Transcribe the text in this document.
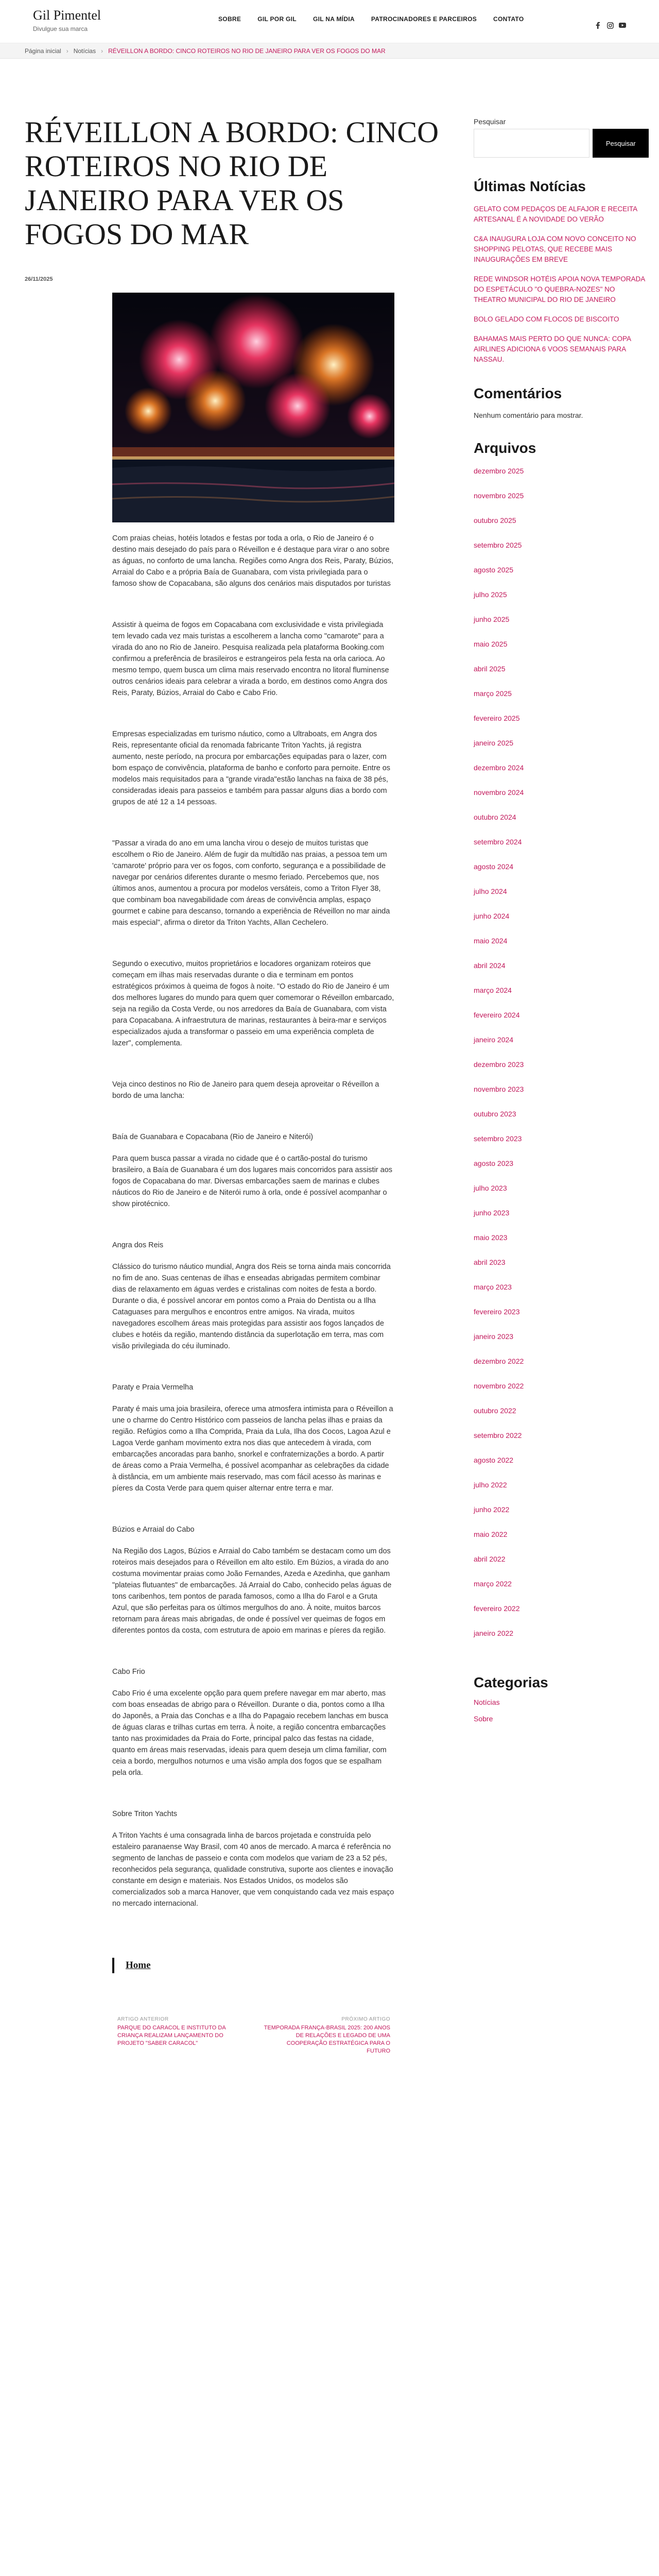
Gil Pimentel
Divulgue sua marca
SOBRE	GIL POR GIL	GIL NA MÍDIA	PATROCINADORES E PARCEIROS	CONTATO
Página inicial › Notícias › RÉVEILLON A BORDO: CINCO ROTEIROS NO RIO DE JANEIRO PARA VER OS FOGOS DO MAR
RÉVEILLON A BORDO: CINCO ROTEIROS NO RIO DE JANEIRO PARA VER OS FOGOS DO MAR
26/11/2025

Com praias cheias, hotéis lotados e festas por toda a orla, o Rio de Janeiro é o destino mais desejado do país para o Réveillon e é destaque para virar o ano sobre as águas, no conforto de uma lancha. Regiões como Angra dos Reis, Paraty, Búzios, Arraial do Cabo e a própria Baía de Guanabara, com vista privilegiada para o famoso show de Copacabana, são alguns dos cenários mais disputados por turistas

Assistir à queima de fogos em Copacabana com exclusividade e vista privilegiada tem levado cada vez mais turistas a escolherem a lancha como "camarote" para a virada do ano no Rio de Janeiro. Pesquisa realizada pela plataforma Booking.com confirmou a preferência de brasileiros e estrangeiros pela festa na orla carioca. Ao mesmo tempo, quem busca um clima mais reservado encontra no litoral fluminense outros cenários ideais para celebrar a virada a bordo, em destinos como Angra dos Reis, Paraty, Búzios, Arraial do Cabo e Cabo Frio.

Empresas especializadas em turismo náutico, como a Ultraboats, em Angra dos Reis, representante oficial da renomada fabricante Triton Yachts, já registra aumento, neste período, na procura por embarcações equipadas para o lazer, com bom espaço de convivência, plataforma de banho e conforto para pernoite. Entre os modelos mais requisitados para a "grande virada"estão lanchas na faixa de 38 pés, consideradas ideais para passeios e também para passar alguns dias a bordo com grupos de até 12 a 14 pessoas.

"Passar a virada do ano em uma lancha virou o desejo de muitos turistas que escolhem o Rio de Janeiro. Além de fugir da multidão nas praias, a pessoa tem um 'camarote' próprio para ver os fogos, com conforto, segurança e a possibilidade de navegar por cenários diferentes durante o mesmo feriado. Percebemos que, nos últimos anos, aumentou a procura por modelos versáteis, como a Triton Flyer 38, que combinam boa navegabilidade com áreas de convivência amplas, espaço gourmet e cabine para descanso, tornando a experiência de Réveillon no mar ainda mais especial", afirma o diretor da Triton Yachts, Allan Cechelero.

Segundo o executivo, muitos proprietários e locadores organizam roteiros que começam em ilhas mais reservadas durante o dia e terminam em pontos estratégicos próximos à queima de fogos à noite. "O estado do Rio de Janeiro é um dos melhores lugares do mundo para quem quer comemorar o Réveillon embarcado, seja na região da Costa Verde, ou nos arredores da Baía de Guanabara, com vista para Copacabana. A infraestrutura de marinas, restaurantes à beira-mar e serviços especializados ajuda a transformar o passeio em uma experiência completa de lazer", complementa.

Veja cinco destinos no Rio de Janeiro para quem deseja aproveitar o Réveillon a bordo de uma lancha:

Baía de Guanabara e Copacabana (Rio de Janeiro e Niterói)

Para quem busca passar a virada no cidade que é o cartão-postal do turismo brasileiro, a Baía de Guanabara é um dos lugares mais concorridos para assistir aos fogos de Copacabana do mar. Diversas embarcações saem de marinas e clubes náuticos do Rio de Janeiro e de Niterói rumo à orla, onde é possível acompanhar o show pirotécnico.

Angra dos Reis

Clássico do turismo náutico mundial, Angra dos Reis se torna ainda mais concorrida no fim de ano. Suas centenas de ilhas e enseadas abrigadas permitem combinar dias de relaxamento em águas verdes e cristalinas com noites de festa a bordo. Durante o dia, é possível ancorar em pontos como a Praia do Dentista ou a Ilha Cataguases para mergulhos e encontros entre amigos. Na virada, muitos navegadores escolhem áreas mais protegidas para assistir aos fogos lançados de clubes e hotéis da região, mantendo distância da superlotação em terra, mas com visão privilegiada do céu iluminado.

Paraty e Praia Vermelha

Paraty é mais uma joia brasileira, oferece uma atmosfera intimista para o Réveillon a une o charme do Centro Histórico com passeios de lancha pelas ilhas e praias da região. Refúgios como a Ilha Comprida, Praia da Lula, Ilha dos Cocos, Lagoa Azul e Lagoa Verde ganham movimento extra nos dias que antecedem à virada, com embarcações ancoradas para banho, snorkel e confraternizações a bordo. A partir de áreas como a Praia Vermelha, é possível acompanhar as celebrações da cidade à distância, em um ambiente mais reservado, mas com fácil acesso às marinas e píeres da Costa Verde para quem quiser alternar entre terra e mar.

Búzios e Arraial do Cabo

Na Região dos Lagos, Búzios e Arraial do Cabo também se destacam como um dos roteiros mais desejados para o Réveillon em alto estilo. Em Búzios, a virada do ano costuma movimentar praias como João Fernandes, Azeda e Azedinha, que ganham "plateias flutuantes" de embarcações. Já Arraial do Cabo, conhecido pelas águas de tons caribenhos, tem pontos de parada famosos, como a Ilha do Farol e a Gruta Azul, que são perfeitas para os últimos mergulhos do ano. À noite, muitos barcos retornam para áreas mais abrigadas, de onde é possível ver queimas de fogos em diferentes pontos da costa, com estrutura de apoio em marinas e píeres da região.

Cabo Frio

Cabo Frio é uma excelente opção para quem prefere navegar em mar aberto, mas com boas enseadas de abrigo para o Réveillon. Durante o dia, pontos como a Ilha do Japonês, a Praia das Conchas e a Ilha do Papagaio recebem lanchas em busca de águas claras e trilhas curtas em terra. À noite, a região concentra embarcações tanto nas proximidades da Praia do Forte, principal palco das festas na cidade, quanto em áreas mais reservadas, ideais para quem deseja um clima familiar, com ceia a bordo, mergulhos noturnos e uma visão ampla dos fogos que se espalham pela orla.

Sobre Triton Yachts

A Triton Yachts é uma consagrada linha de barcos projetada e construída pelo estaleiro paranaense Way Brasil, com 40 anos de mercado. A marca é referência no segmento de lanchas de passeio e conta com modelos que variam de 23 a 52 pés, reconhecidos pela segurança, qualidade construtiva, suporte aos clientes e inovação constante em design e materiais. Nos Estados Unidos, os modelos são comercializados sob a marca Hanover, que vem conquistando cada vez mais espaço no mercado internacional.

Home
ARTIGO ANTERIOR
PARQUE DO CARACOL E INSTITUTO DA CRIANÇA REALIZAM LANÇAMENTO DO PROJETO "SABER CARACOL"
PRÓXIMO ARTIGO
TEMPORADA FRANÇA-BRASIL 2025: 200 ANOS DE RELAÇÕES E LEGADO DE UMA COOPERAÇÃO ESTRATÉGICA PARA O FUTURO
Pesquisar
Pesquisar
Últimas Notícias
GELATO COM PEDAÇOS DE ALFAJOR E RECEITA ARTESANAL É A NOVIDADE DO VERÃO
C&A INAUGURA LOJA COM NOVO CONCEITO NO SHOPPING PELOTAS, QUE RECEBE MAIS INAUGURAÇÕES EM BREVE
REDE WINDSOR HOTÉIS APOIA NOVA TEMPORADA DO ESPETÁCULO "O QUEBRA-NOZES" NO THEATRO MUNICIPAL DO RIO DE JANEIRO
BOLO GELADO COM FLOCOS DE BISCOITO
BAHAMAS MAIS PERTO DO QUE NUNCA: COPA AIRLINES ADICIONA 6 VOOS SEMANAIS PARA NASSAU.
Comentários
Nenhum comentário para mostrar.
Arquivos
dezembro 2025
novembro 2025
outubro 2025
setembro 2025
agosto 2025
julho 2025
junho 2025
maio 2025
abril 2025
março 2025
fevereiro 2025
janeiro 2025
dezembro 2024
novembro 2024
outubro 2024
setembro 2024
agosto 2024
julho 2024
junho 2024
maio 2024
abril 2024
março 2024
fevereiro 2024
janeiro 2024
dezembro 2023
novembro 2023
outubro 2023
setembro 2023
agosto 2023
julho 2023
junho 2023
maio 2023
abril 2023
março 2023
fevereiro 2023
janeiro 2023
dezembro 2022
novembro 2022
outubro 2022
setembro 2022
agosto 2022
julho 2022
junho 2022
maio 2022
abril 2022
março 2022
fevereiro 2022
janeiro 2022
Categorias
Notícias
Sobre
